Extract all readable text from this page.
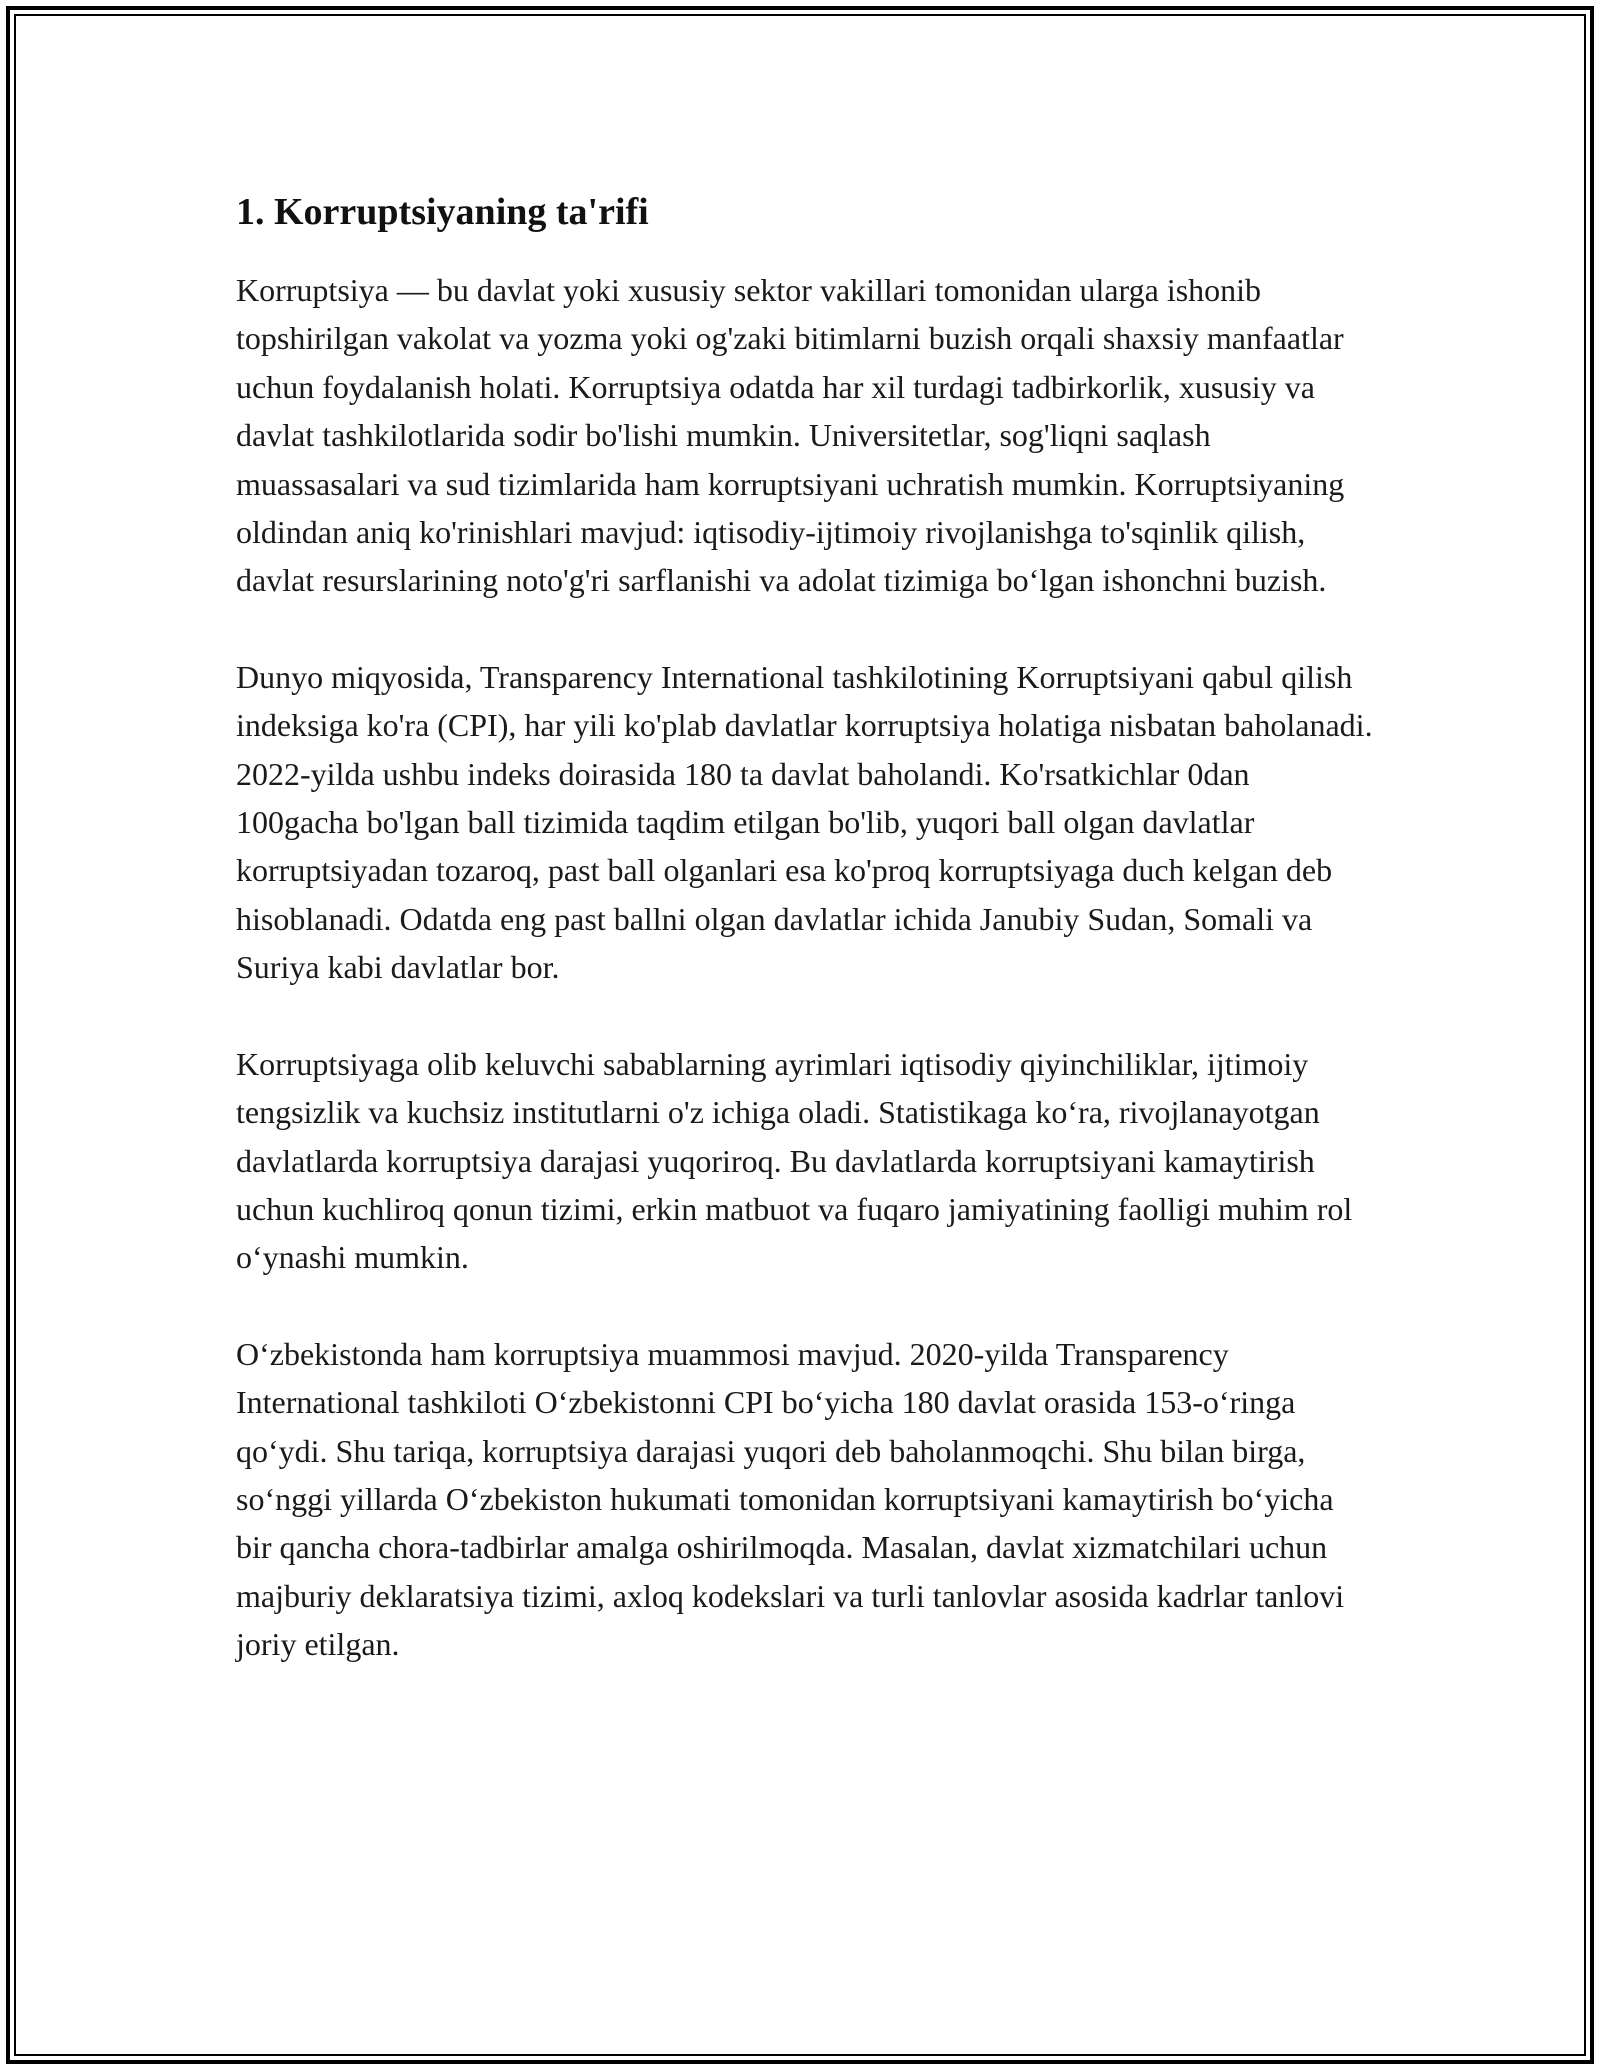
1. Korruptsiyaning ta'rifi

Korruptsiya — bu davlat yoki xususiy sektor vakillari tomonidan ularga ishonib topshirilgan vakolat va yozma yoki og'zaki bitimlarni buzish orqali shaxsiy manfaatlar uchun foydalanish holati. Korruptsiya odatda har xil turdagi tadbirkorlik, xususiy va davlat tashkilotlarida sodir bo'lishi mumkin. Universitetlar, sog'liqni saqlash muassasalari va sud tizimlarida ham korruptsiyani uchratish mumkin. Korruptsiyaning oldindan aniq ko'rinishlari mavjud: iqtisodiy-ijtimoiy rivojlanishga to'sqinlik qilish, davlat resurslarining noto'g'ri sarflanishi va adolat tizimiga bo‘lgan ishonchni buzish.

Dunyo miqyosida, Transparency International tashkilotining Korruptsiyani qabul qilish indeksiga ko'ra (CPI), har yili ko'plab davlatlar korruptsiya holatiga nisbatan baholanadi. 2022-yilda ushbu indeks doirasida 180 ta davlat baholandi. Ko'rsatkichlar 0dan 100gacha bo'lgan ball tizimida taqdim etilgan bo'lib, yuqori ball olgan davlatlar korruptsiyadan tozaroq, past ball olganlari esa ko'proq korruptsiyaga duch kelgan deb hisoblanadi. Odatda eng past ballni olgan davlatlar ichida Janubiy Sudan, Somali va Suriya kabi davlatlar bor.

Korruptsiyaga olib keluvchi sabablarning ayrimlari iqtisodiy qiyinchiliklar, ijtimoiy tengsizlik va kuchsiz institutlarni o'z ichiga oladi. Statistikaga ko‘ra, rivojlanayotgan davlatlarda korruptsiya darajasi yuqoriroq. Bu davlatlarda korruptsiyani kamaytirish uchun kuchliroq qonun tizimi, erkin matbuot va fuqaro jamiyatining faolligi muhim rol o‘ynashi mumkin.

O‘zbekistonda ham korruptsiya muammosi mavjud. 2020-yilda Transparency International tashkiloti O‘zbekistonni CPI bo‘yicha 180 davlat orasida 153-o‘ringa qo‘ydi. Shu tariqa, korruptsiya darajasi yuqori deb baholanmoqchi. Shu bilan birga, so‘nggi yillarda O‘zbekiston hukumati tomonidan korruptsiyani kamaytirish bo‘yicha bir qancha chora-tadbirlar amalga oshirilmoqda. Masalan, davlat xizmatchilari uchun majburiy deklaratsiya tizimi, axloq kodekslari va turli tanlovlar asosida kadrlar tanlovi joriy etilgan.
